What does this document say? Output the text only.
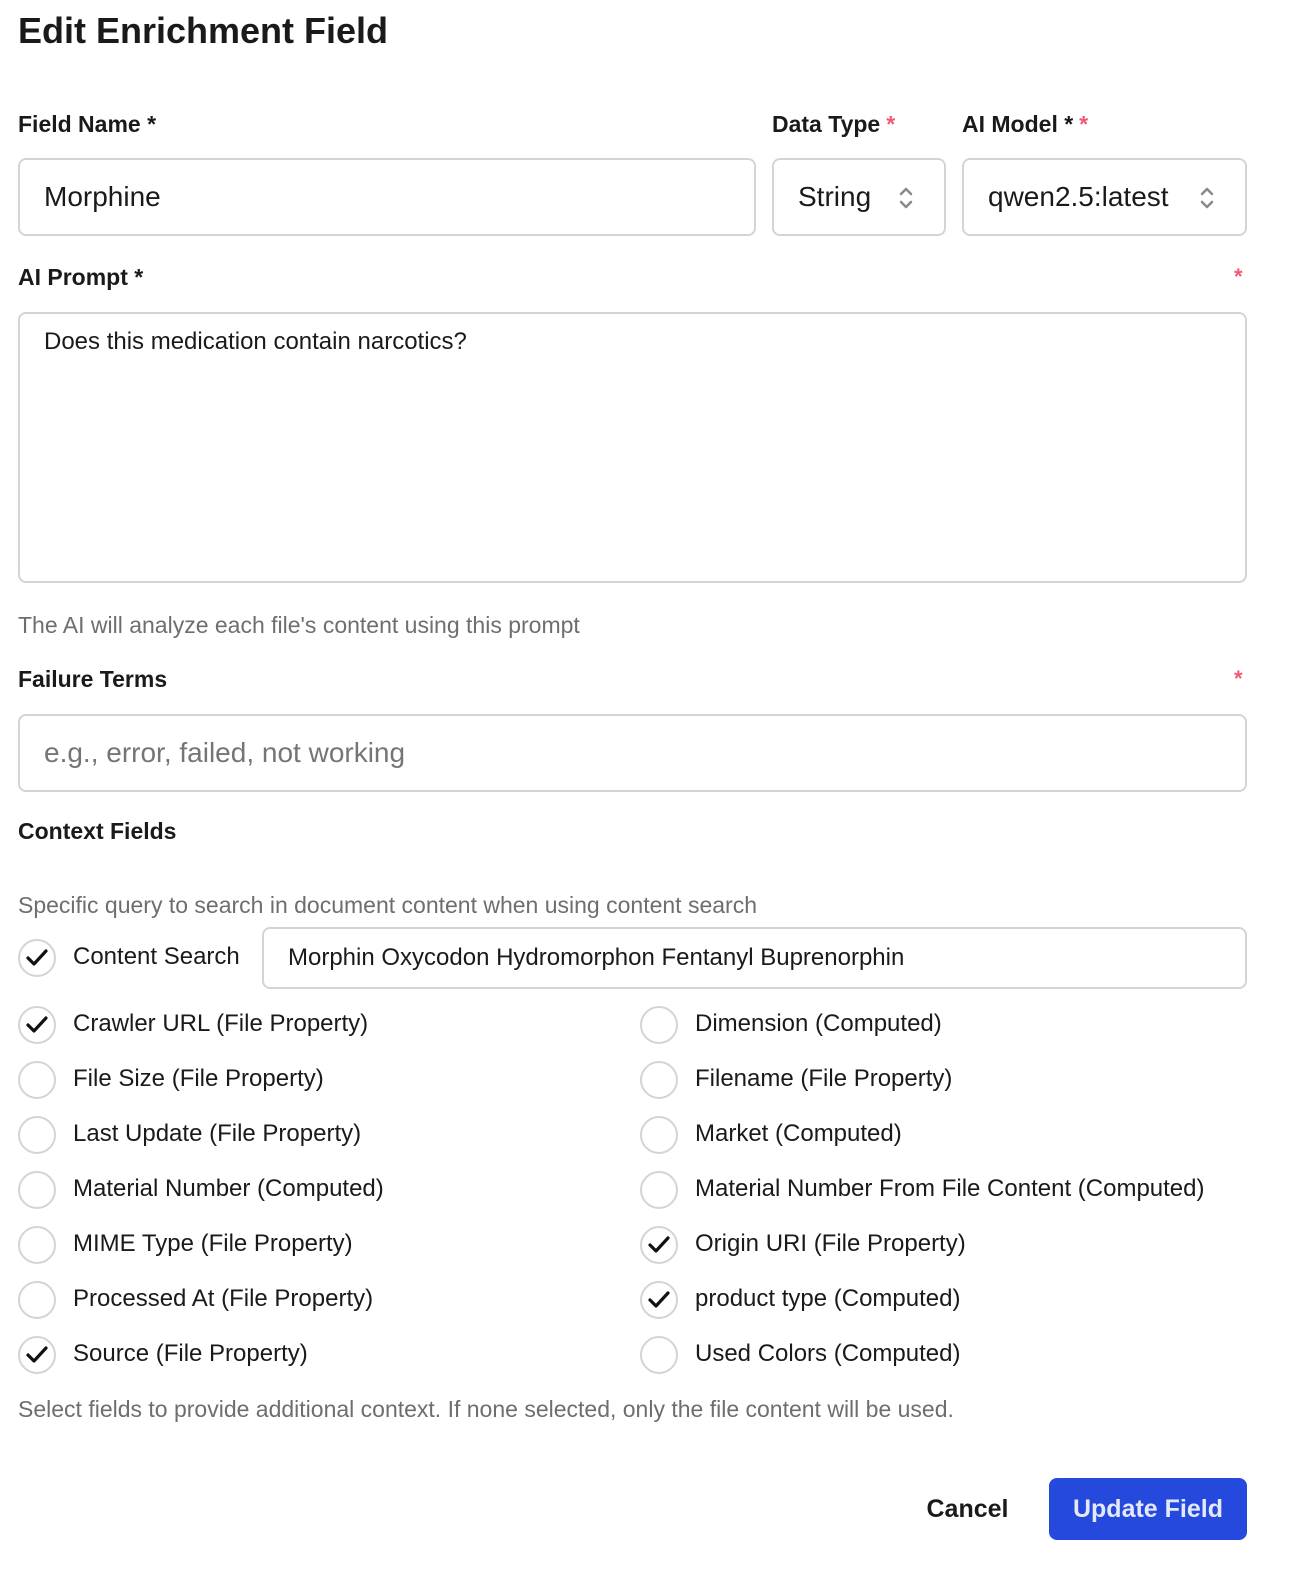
Edit Enrichment Field
Field Name *	Data Type *	AI Model * *
Morphine	String	qwen2.5:latest
AI Prompt *	*
Does this medication contain narcotics?
The AI will analyze each file's content using this prompt
Failure Terms	*
e.g., error, failed, not working
Context Fields
Specific query to search in document content when using content search
Content Search	Morphin Oxycodon Hydromorphon Fentanyl Buprenorphin
Crawler URL (File Property)	Dimension (Computed)
File Size (File Property)	Filename (File Property)
Last Update (File Property)	Market (Computed)
Material Number (Computed)	Material Number From File Content (Computed)
MIME Type (File Property)	Origin URI (File Property)
Processed At (File Property)	product type (Computed)
Source (File Property)	Used Colors (Computed)
Select fields to provide additional context. If none selected, only the file content will be used.
Cancel	Update Field
